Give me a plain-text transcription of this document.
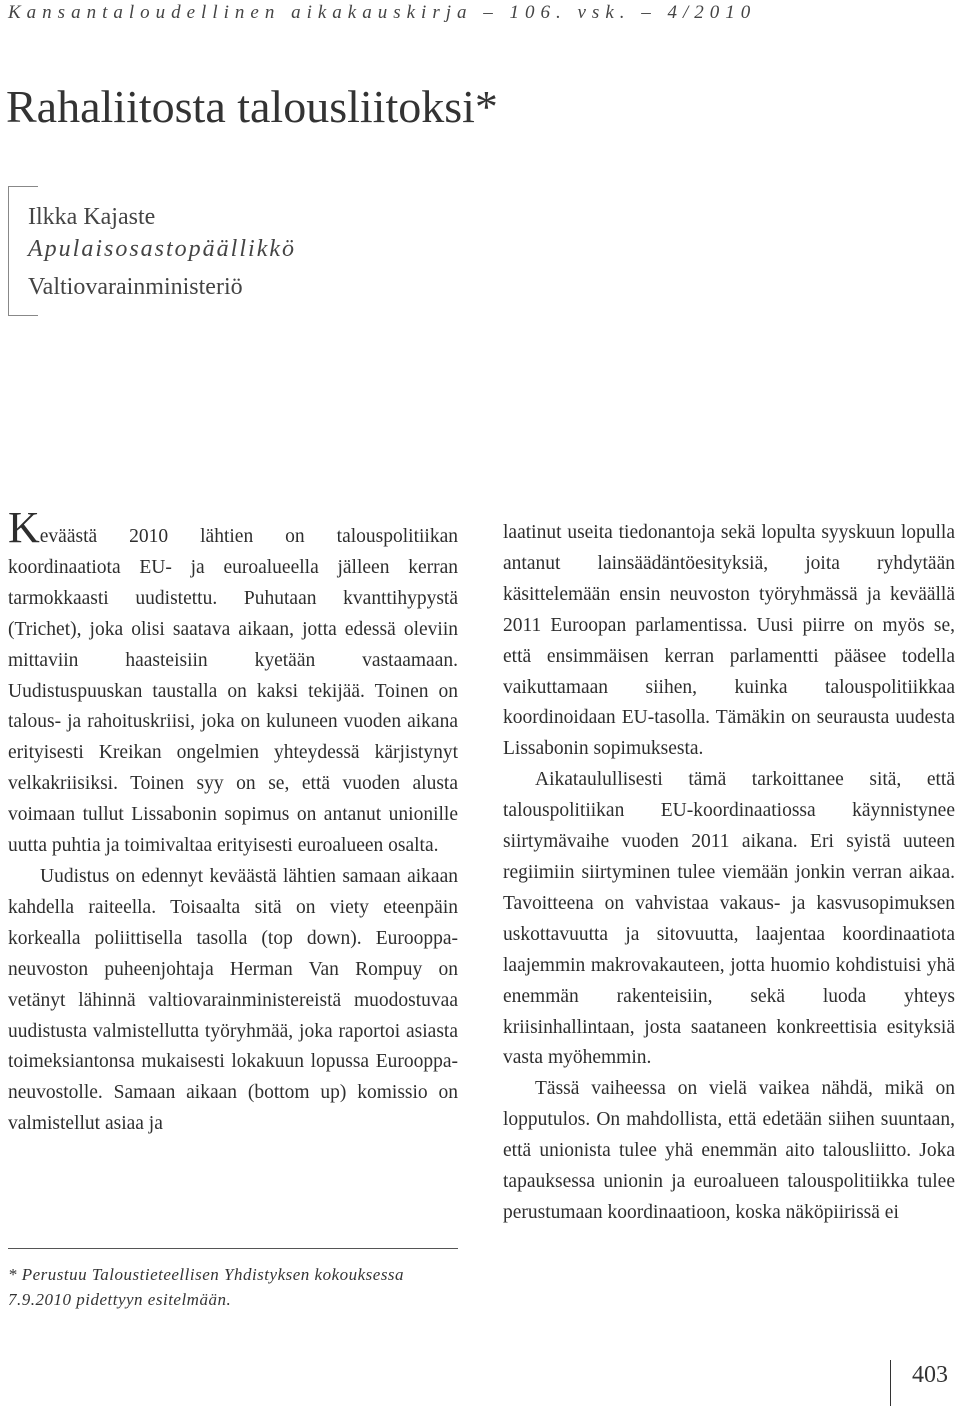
Kansantaloudellinen aikakauskirja – 106. vsk. – 4/2010
Rahaliitosta talousliitoksi*
Ilkka Kajaste
Apulaisosastopäällikkö
Valtiovarainministeriö

Keväästä 2010 lähtien on talouspolitiikan koordinaatiota EU- ja euroalueella jälleen kerran tarmokkaasti uudistettu. Puhutaan kvanttihypystä (Trichet), joka olisi saatava aikaan, jotta edessä oleviin mittaviin haasteisiin kyetään vastaamaan. Uudistuspuuskan taustalla on kaksi tekijää. Toinen on talous- ja rahoituskriisi, joka on kuluneen vuoden aikana erityisesti Kreikan ongelmien yhteydessä kärjistynyt velkakriisiksi. Toinen syy on se, että vuoden alusta voimaan tullut Lissabonin sopimus on antanut unionille uutta puhtia ja toimivaltaa erityisesti euroalueen osalta.

Uudistus on edennyt keväästä lähtien samaan aikaan kahdella raiteella. Toisaalta sitä on viety eteenpäin korkealla poliittisella tasolla (top down). Eurooppa-neuvoston puheenjohtaja Herman Van Rompuy on vetänyt lähinnä valtiovarainministereistä muodostuvaa uudistusta valmistellutta työryhmää, joka raportoi asiasta toimeksiantonsa mukaisesti lokakuun lopussa Eurooppa-neuvostolle. Samaan aikaan (bottom up) komissio on valmistellut asiaa ja

laatinut useita tiedonantoja sekä lopulta syyskuun lopulla antanut lainsäädäntöesityksiä, joita ryhdytään käsittelemään ensin neuvoston työryhmässä ja keväällä 2011 Euroopan parlamentissa. Uusi piirre on myös se, että ensimmäisen kerran parlamentti pääsee todella vaikuttamaan siihen, kuinka talouspolitiikkaa koordinoidaan EU-tasolla. Tämäkin on seurausta uudesta Lissabonin sopimuksesta.

Aikataulullisesti tämä tarkoittanee sitä, että talouspolitiikan EU-koordinaatiossa käynnistynee siirtymävaihe vuoden 2011 aikana. Eri syistä uuteen regiimiin siirtyminen tulee viemään jonkin verran aikaa. Tavoitteena on vahvistaa vakaus- ja kasvusopimuksen uskottavuutta ja sitovuutta, laajentaa koordinaatiota laajemmin makrovakauteen, jotta huomio kohdistuisi yhä enemmän rakenteisiin, sekä luoda yhteys kriisinhallintaan, josta saataneen konkreettisia esityksiä vasta myöhemmin.

Tässä vaiheessa on vielä vaikea nähdä, mikä on lopputulos. On mahdollista, että edetään siihen suuntaan, että unionista tulee yhä enemmän aito talousliitto. Joka tapauksessa unionin ja euroalueen talouspolitiikka tulee perustumaan koordinaatioon, koska näköpiirissä ei

* Perustuu Taloustieteellisen Yhdistyksen kokouksessa 7.9.2010 pidettyyn esitelmään.

403
